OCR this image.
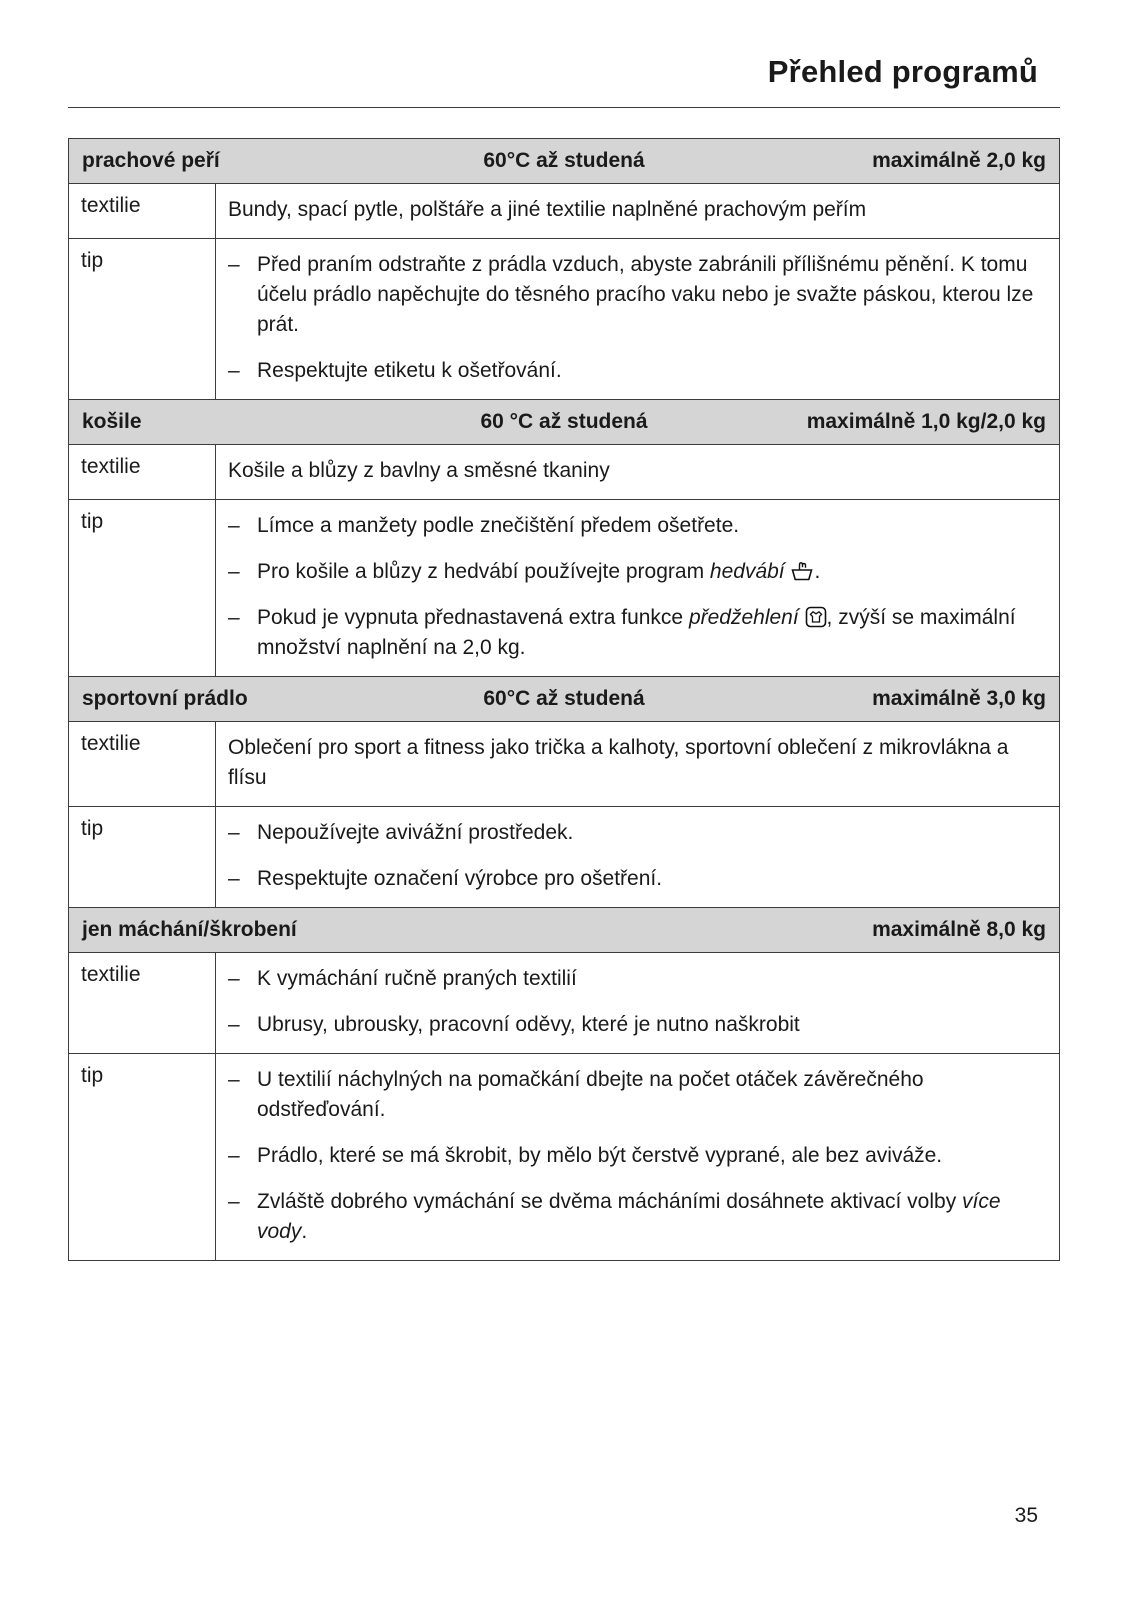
Přehled programů
prachové peří	60°C až studená	maximálně 2,0 kg
textilie	Bundy, spací pytle, polštáře a jiné textilie naplněné prachovým peřím
tip	– Před praním odstraňte z prádla vzduch, abyste zabránili přílišnému pěnění. K tomu účelu prádlo napěchujte do těsného pracího vaku nebo je svažte páskou, kterou lze prát.
– Respektujte etiketu k ošetřování.
košile	60 °C až studená	maximálně 1,0 kg/2,0 kg
textilie	Košile a blůzy z bavlny a směsné tkaniny
tip	– Límce a manžety podle znečištění předem ošetřete.
– Pro košile a blůzy z hedvábí používejte program hedvábí .
– Pokud je vypnuta přednastavená extra funkce předžehlení , zvýší se maximální množství naplnění na 2,0 kg.
sportovní prádlo	60°C až studená	maximálně 3,0 kg
textilie	Oblečení pro sport a fitness jako trička a kalhoty, sportovní oblečení z mikrovlákna a flísu
tip	– Nepoužívejte avivážní prostředek.
– Respektujte označení výrobce pro ošetření.
jen máchání/škrobení	maximálně 8,0 kg
textilie	– K vymáchání ručně praných textilií
– Ubrusy, ubrousky, pracovní oděvy, které je nutno naškrobit
tip	– U textilií náchylných na pomačkání dbejte na počet otáček závěrečného odstřeďování.
– Prádlo, které se má škrobit, by mělo být čerstvě vyprané, ale bez aviváže.
– Zvláště dobrého vymáchání se dvěma mácháními dosáhnete aktivací volby více vody.
35
